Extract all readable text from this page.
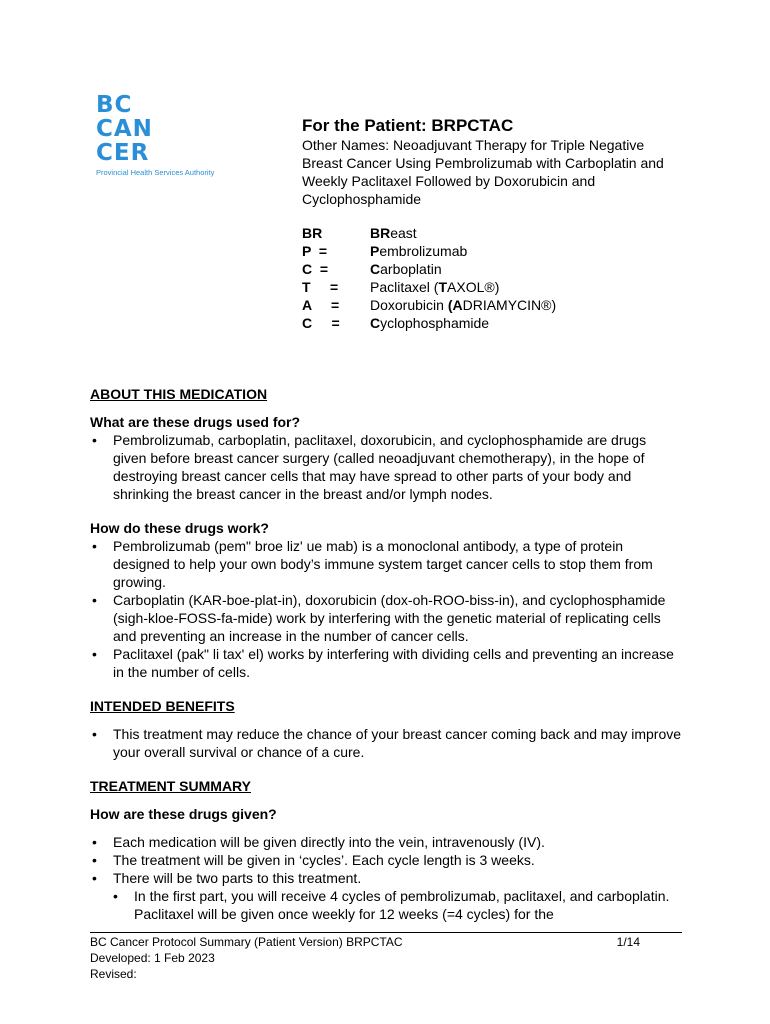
BC
CAN
CER
Provincial Health Services Authority
For the Patient: BRPCTAC
Other Names: Neoadjuvant Therapy for Triple Negative Breast Cancer Using Pembrolizumab with Carboplatin and Weekly Paclitaxel Followed by Doxorubicin and Cyclophosphamide
BR	BReast
P  =	Pembrolizumab
C  =	Carboplatin
T     =	Paclitaxel (TAXOL®)
A     =	Doxorubicin (ADRIAMYCIN®)
C     =	Cyclophosphamide

ABOUT THIS MEDICATION

What are these drugs used for?

• Pembrolizumab, carboplatin, paclitaxel, doxorubicin, and cyclophosphamide are drugs given before breast cancer surgery (called neoadjuvant chemotherapy), in the hope of destroying breast cancer cells that may have spread to other parts of your body and shrinking the breast cancer in the breast and/or lymph nodes.

How do these drugs work?

• Pembrolizumab (pem" broe liz' ue mab) is a monoclonal antibody, a type of protein designed to help your own body’s immune system target cancer cells to stop them from growing.
• Carboplatin (KAR-boe-plat-in), doxorubicin (dox-oh-ROO-biss-in), and cyclophosphamide (sigh-kloe-FOSS-fa-mide) work by interfering with the genetic material of replicating cells and preventing an increase in the number of cancer cells.
• Paclitaxel (pak" li tax' el) works by interfering with dividing cells and preventing an increase in the number of cells.

INTENDED BENEFITS

• This treatment may reduce the chance of your breast cancer coming back and may improve your overall survival or chance of a cure.

TREATMENT SUMMARY

How are these drugs given?

• Each medication will be given directly into the vein, intravenously (IV).
• The treatment will be given in ‘cycles’. Each cycle length is 3 weeks.
• There will be two parts to this treatment.
• In the first part, you will receive 4 cycles of pembrolizumab, paclitaxel, and carboplatin. Paclitaxel will be given once weekly for 12 weeks (=4 cycles) for the
BC Cancer Protocol Summary (Patient Version) BRPCTAC	1/14
Developed: 1 Feb 2023
Revised:
